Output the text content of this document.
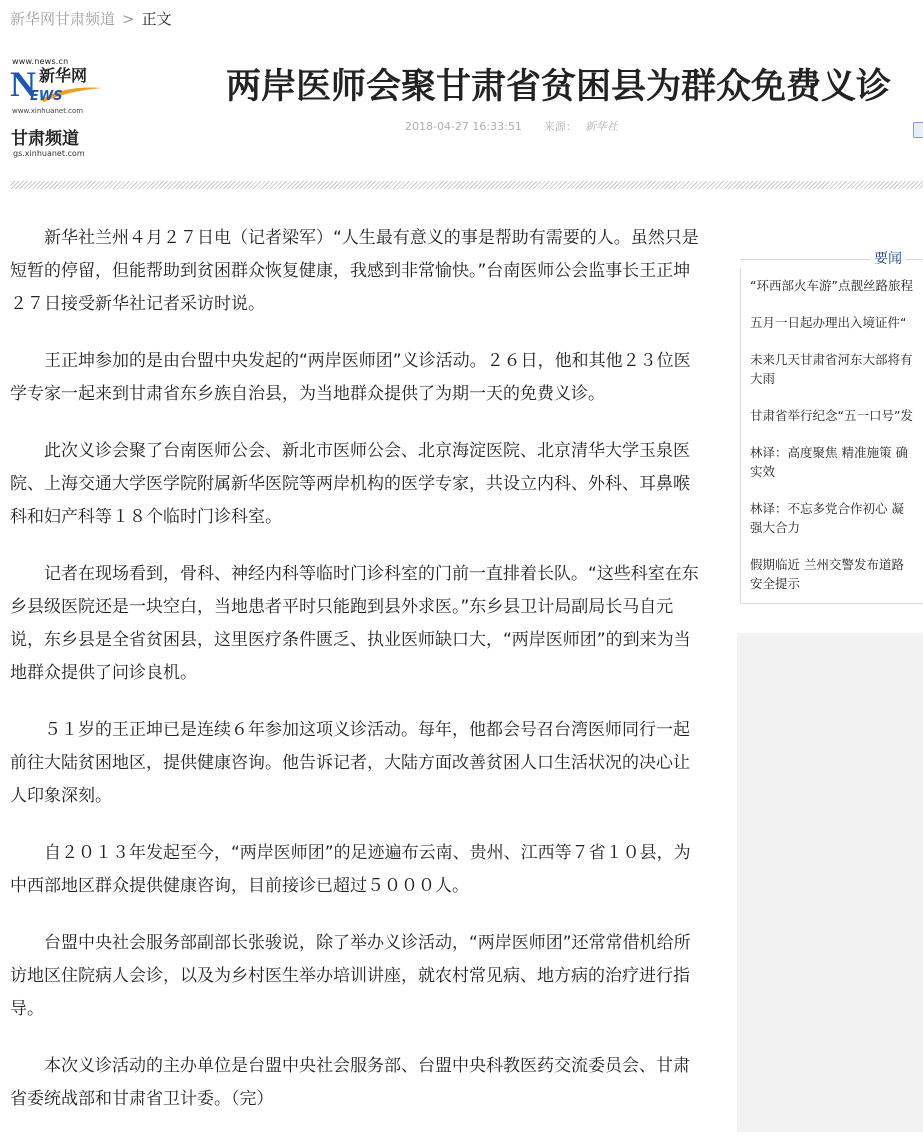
新华网甘肃频道 > 正文
www.news.cn
N 新华网
EWS
www.xinhuanet.com
甘肃频道
gs.xinhuanet.com
两岸医师会聚甘肃省贫困县为群众免费义诊
2018-04-27 16:33:51 来源： 新华社

新华社兰州４月２７日电（记者梁军）“人生最有意义的事是帮助有需要的人。虽然只是短暂的停留，但能帮助到贫困群众恢复健康，我感到非常愉快。”台南医师公会监事长王正坤２７日接受新华社记者采访时说。

王正坤参加的是由台盟中央发起的“两岸医师团”义诊活动。２６日，他和其他２３位医学专家一起来到甘肃省东乡族自治县，为当地群众提供了为期一天的免费义诊。

此次义诊会聚了台南医师公会、新北市医师公会、北京海淀医院、北京清华大学玉泉医院、上海交通大学医学院附属新华医院等两岸机构的医学专家，共设立内科、外科、耳鼻喉科和妇产科等１８个临时门诊科室。

记者在现场看到，骨科、神经内科等临时门诊科室的门前一直排着长队。“这些科室在东乡县级医院还是一块空白，当地患者平时只能跑到县外求医。”东乡县卫计局副局长马自元说，东乡县是全省贫困县，这里医疗条件匮乏、执业医师缺口大，“两岸医师团”的到来为当地群众提供了问诊良机。

５１岁的王正坤已是连续６年参加这项义诊活动。每年，他都会号召台湾医师同行一起前往大陆贫困地区，提供健康咨询。他告诉记者，大陆方面改善贫困人口生活状况的决心让人印象深刻。

自２０１３年发起至今，“两岸医师团”的足迹遍布云南、贵州、江西等７省１０县，为中西部地区群众提供健康咨询，目前接诊已超过５０００人。

台盟中央社会服务部副部长张骏说，除了举办义诊活动，“两岸医师团”还常常借机给所访地区住院病人会诊，以及为乡村医生举办培训讲座，就农村常见病、地方病的治疗进行指导。

本次义诊活动的主办单位是台盟中央社会服务部、台盟中央科教医药交流委员会、甘肃省委统战部和甘肃省卫计委。（完）

要闻
“环西部火车游”点靓丝路旅程
五月一日起办理出入境证件“
未来几天甘肃省河东大部将有
大雨
甘肃省举行纪念“五一口号”发
林译：高度聚焦 精准施策 确
实效
林译：不忘多党合作初心 凝
强大合力
假期临近 兰州交警发布道路
安全提示
